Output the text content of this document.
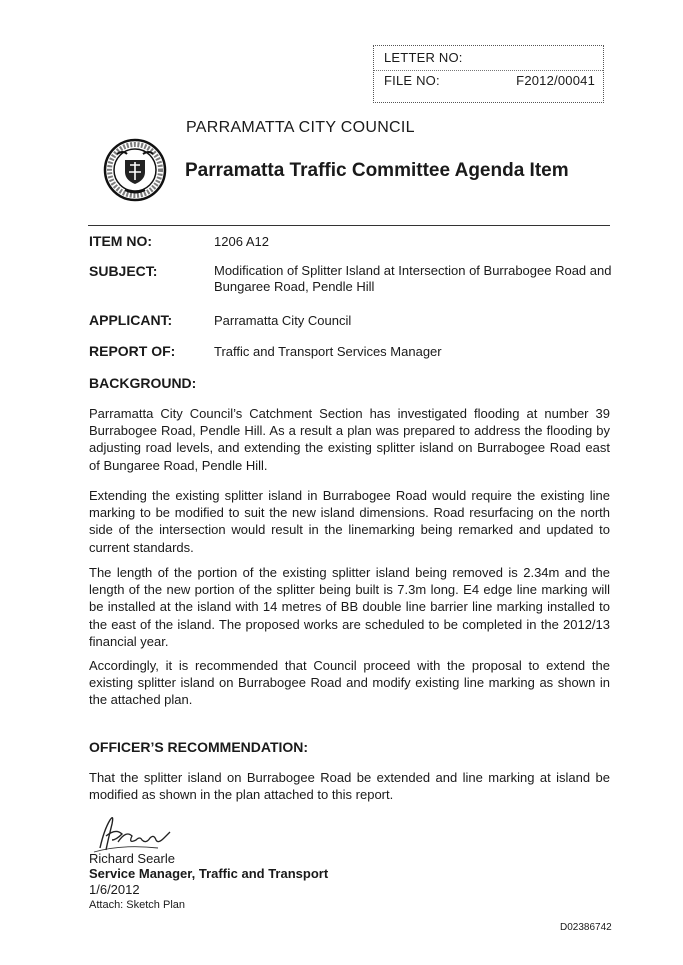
LETTER NO:
FILE NO:	F2012/00041
PARRAMATTA CITY COUNCIL
Parramatta Traffic Committee Agenda Item
ITEM NO:	1206 A12
SUBJECT:	Modification of Splitter Island at Intersection of Burrabogee Road and Bungaree Road, Pendle Hill
APPLICANT:	Parramatta City Council
REPORT OF:	Traffic and Transport Services Manager
BACKGROUND:
Parramatta City Council’s Catchment Section has investigated flooding at number 39 Burrabogee Road, Pendle Hill. As a result a plan was prepared to address the flooding by adjusting road levels, and extending the existing splitter island on Burrabogee Road east of Bungaree Road, Pendle Hill.
Extending the existing splitter island in Burrabogee Road would require the existing line marking to be modified to suit the new island dimensions. Road resurfacing on the north side of the intersection would result in the linemarking being remarked and updated to current standards.
The length of the portion of the existing splitter island being removed is 2.34m and the length of the new portion of the splitter being built is 7.3m long. E4 edge line marking will be installed at the island with 14 metres of BB double line barrier line marking installed to the east of the island. The proposed works are scheduled to be completed in the 2012/13 financial year.
Accordingly, it is recommended that Council proceed with the proposal to extend the existing splitter island on Burrabogee Road and modify existing line marking as shown in the attached plan.
OFFICER’S RECOMMENDATION:
That the splitter island on Burrabogee Road be extended and line marking at island be modified as shown in the plan attached to this report.
Richard Searle
Service Manager, Traffic and Transport
1/6/2012
Attach: Sketch Plan
D02386742
